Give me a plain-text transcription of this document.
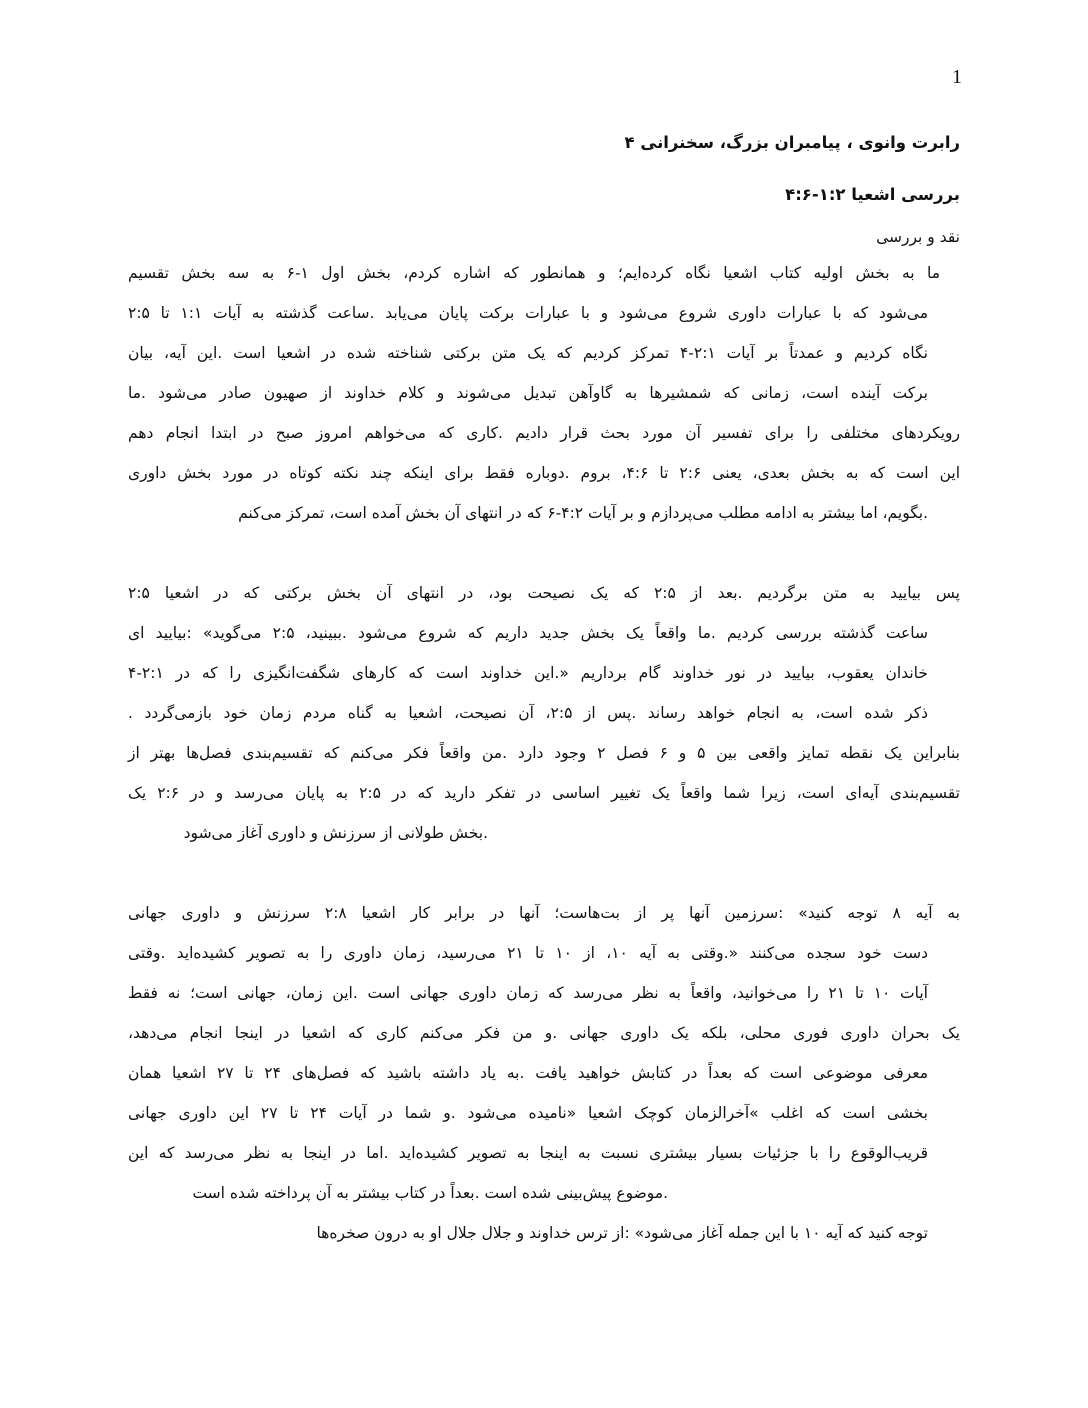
1
رابرت وانوی ، پیامبران بزرگ، سخنرانی ۴
بررسی اشعیا ۱:۲-۴:۶
نقد و بررسی
ما به بخش اولیه کتاب اشعیا نگاه کرده‌ایم؛ و همانطور که اشاره کردم، بخش اول ۱-۶ به سه بخش تقسیم
می‌شود که با عبارات داوری شروع می‌شود و با عبارات برکت پایان می‌یابد .ساعت گذشته به آیات ۱:۱ تا ۲:۵
نگاه کردیم و عمدتاً بر آیات ۲:۱-۴ تمرکز کردیم که یک متن برکتی شناخته شده در اشعیا است .این آیه، بیان
برکت آینده است، زمانی که شمشیرها به گاوآهن تبدیل می‌شوند و کلام خداوند از صهیون صادر می‌شود .ما
رویکردهای مختلفی را برای تفسیر آن مورد بحث قرار دادیم .کاری که می‌خواهم امروز صبح در ابتدا انجام دهم
این است که به بخش بعدی، یعنی ۲:۶ تا ۴:۶، بروم .دوباره فقط برای اینکه چند نکته کوتاه در مورد بخش داوری
.بگویم، اما بیشتر به ادامه مطلب می‌پردازم و بر آیات ۴:۲-۶ که در انتهای آن بخش آمده است، تمرکز می‌کنم
پس بیایید به متن برگردیم .بعد از ۲:۵ که یک نصیحت بود، در انتهای آن بخش برکتی که در اشعیا ۲:۵
ساعت گذشته بررسی کردیم .ما واقعاً یک بخش جدید داریم که شروع می‌شود .ببینید، ۲:۵ می‌گوید» :بیایید ای
خاندان یعقوب، بیایید در نور خداوند گام برداریم «.این خداوند است که کارهای شگفت‌انگیزی را که در ۲:۱-۴
ذکر شده است، به انجام خواهد رساند .پس از ۲:۵، آن نصیحت، اشعیا به گناه مردم زمان خود بازمی‌گردد .
بنابراین یک نقطه تمایز واقعی بین ۵ و ۶ فصل ۲ وجود دارد .من واقعاً فکر می‌کنم که تقسیم‌بندی فصل‌ها بهتر از
تقسیم‌بندی آیه‌ای است، زیرا شما واقعاً یک تغییر اساسی در تفکر دارید که در ۲:۵ به پایان می‌رسد و در ۲:۶ یک
.بخش طولانی از سرزنش و داوری آغاز می‌شود
به آیه ۸ توجه کنید» :سرزمین آنها پر از بت‌هاست؛ آنها در برابر کار اشعیا ۲:۸ سرزنش و داوری جهانی
دست خود سجده می‌کنند «.وقتی به آیه ۱۰، از ۱۰ تا ۲۱ می‌رسید، زمان داوری را به تصویر کشیده‌اید .وقتی
آیات ۱۰ تا ۲۱ را می‌خوانید، واقعاً به نظر می‌رسد که زمان داوری جهانی است .این زمان، جهانی است؛ نه فقط
یک بحران داوری فوری محلی، بلکه یک داوری جهانی .و من فکر می‌کنم کاری که اشعیا در اینجا انجام می‌دهد،
معرفی موضوعی است که بعداً در کتابش خواهید یافت .به یاد داشته باشید که فصل‌های ۲۴ تا ۲۷ اشعیا همان
بخشی است که اغلب »آخرالزمان کوچک اشعیا «نامیده می‌شود .و شما در آیات ۲۴ تا ۲۷ این داوری جهانی
قریب‌الوقوع را با جزئیات بسیار بیشتری نسبت به اینجا به تصویر کشیده‌اید .اما در اینجا به نظر می‌رسد که این
.موضوع پیش‌بینی شده است .بعداً در کتاب بیشتر به آن پرداخته شده است
توجه کنید که آیه ۱۰ با این جمله آغاز می‌شود» :از ترس خداوند و جلال جلال او به درون صخره‌ها
